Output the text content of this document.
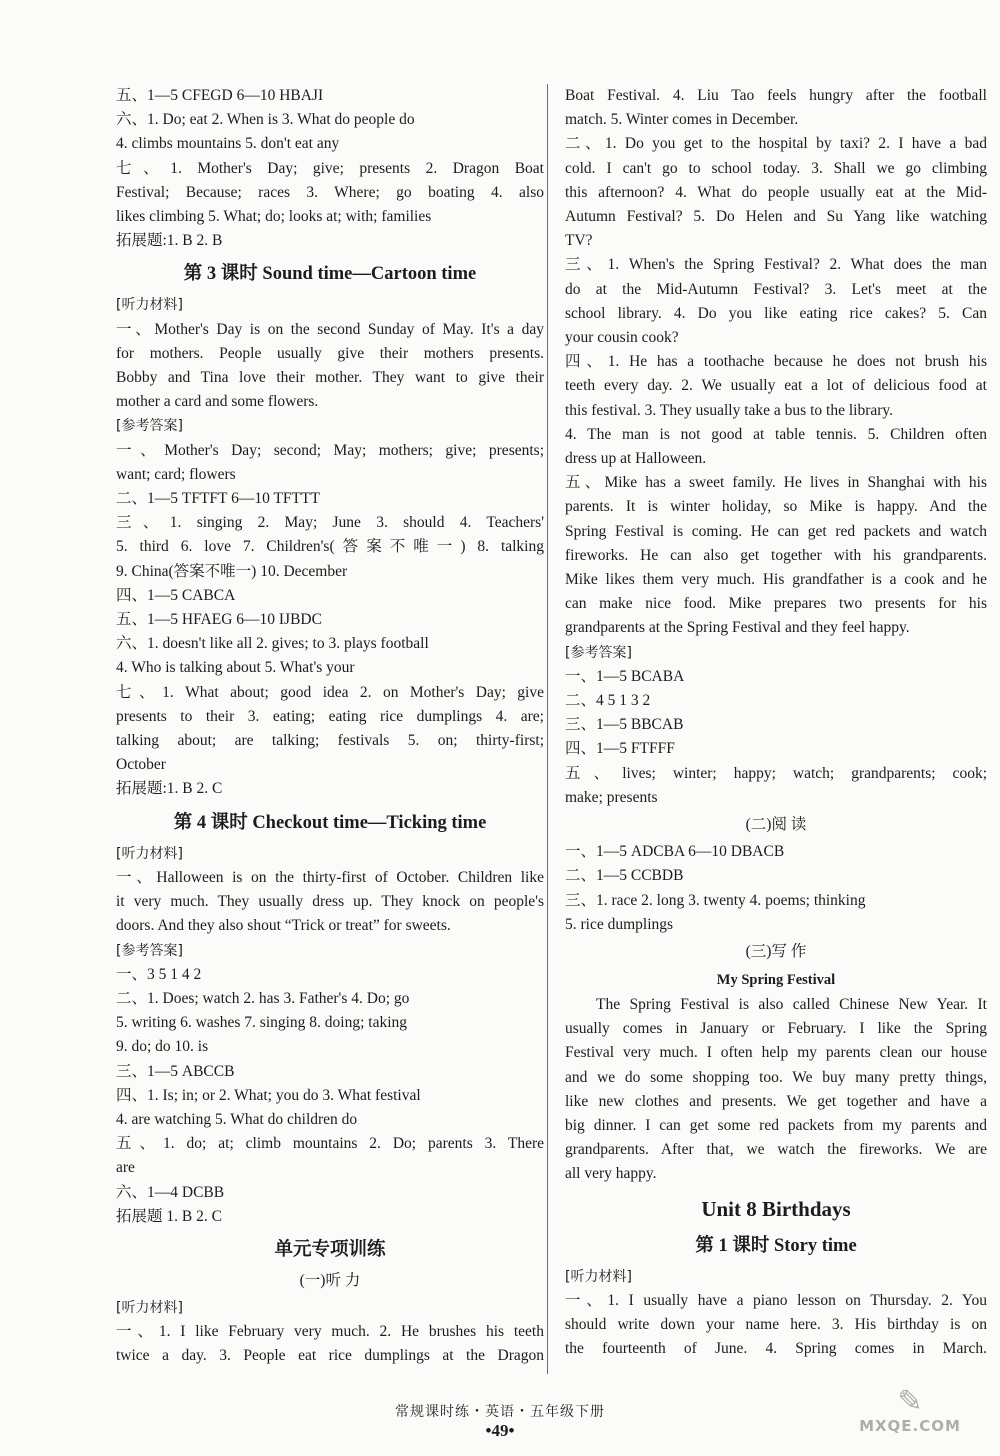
五、1—5 CFEGD 6—10 HBAJI
六、1. Do; eat 2. When is 3. What do people do
4. climbs mountains 5. don't eat any
七、1. Mother's Day; give; presents 2. Dragon Boat
Festival; Because; races 3. Where; go boating 4. also
likes climbing 5. What; do; looks at; with; families
拓展题:1. B 2. B
第 3 课时 Sound time—Cartoon time
[听力材料]
一、Mother's Day is on the second Sunday of May. It's a day
for mothers. People usually give their mothers presents.
Bobby and Tina love their mother. They want to give their
mother a card and some flowers.
[参考答案]
一、Mother's Day; second; May; mothers; give; presents;
want; card; flowers
二、1—5 TFTFT 6—10 TFTTT
三、1. singing 2. May; June 3. should 4. Teachers'
5. third 6. love 7. Children's(答案不唯一) 8. talking
9. China(答案不唯一) 10. December
四、1—5 CABCA
五、1—5 HFAEG 6—10 IJBDC
六、1. doesn't like all 2. gives; to 3. plays football
4. Who is talking about 5. What's your
七、1. What about; good idea 2. on Mother's Day; give
presents to their 3. eating; eating rice dumplings 4. are;
talking about; are talking; festivals 5. on; thirty-first;
October
拓展题:1. B 2. C
第 4 课时 Checkout time—Ticking time
[听力材料]
一、Halloween is on the thirty-first of October. Children like
it very much. They usually dress up. They knock on people's
doors. And they also shout “Trick or treat” for sweets.
[参考答案]
一、3 5 1 4 2
二、1. Does; watch 2. has 3. Father's 4. Do; go
5. writing 6. washes 7. singing 8. doing; taking
9. do; do 10. is
三、1—5 ABCCB
四、1. Is; in; or 2. What; you do 3. What festival
4. are watching 5. What do children do
五、1. do; at; climb mountains 2. Do; parents 3. There
are
六、1—4 DCBB
拓展题 1. B 2. C
单元专项训练
(一)听 力
[听力材料]
一、1. I like February very much. 2. He brushes his teeth
twice a day. 3. People eat rice dumplings at the Dragon
Boat Festival. 4. Liu Tao feels hungry after the football
match. 5. Winter comes in December.
二、1. Do you get to the hospital by taxi? 2. I have a bad
cold. I can't go to school today. 3. Shall we go climbing
this afternoon? 4. What do people usually eat at the Mid-
Autumn Festival? 5. Do Helen and Su Yang like watching
TV?
三、1. When's the Spring Festival? 2. What does the man
do at the Mid-Autumn Festival? 3. Let's meet at the
school library. 4. Do you like eating rice cakes? 5. Can
your cousin cook?
四、1. He has a toothache because he does not brush his
teeth every day. 2. We usually eat a lot of delicious food at
this festival. 3. They usually take a bus to the library.
4. The man is not good at table tennis. 5. Children often
dress up at Halloween.
五、Mike has a sweet family. He lives in Shanghai with his
parents. It is winter holiday, so Mike is happy. And the
Spring Festival is coming. He can get red packets and watch
fireworks. He can also get together with his grandparents.
Mike likes them very much. His grandfather is a cook and he
can make nice food. Mike prepares two presents for his
grandparents at the Spring Festival and they feel happy.
[参考答案]
一、1—5 BCABA
二、4 5 1 3 2
三、1—5 BBCAB
四、1—5 FTFFF
五、lives; winter; happy; watch; grandparents; cook;
make; presents
(二)阅 读
一、1—5 ADCBA 6—10 DBACB
二、1—5 CCBDB
三、1. race 2. long 3. twenty 4. poems; thinking
5. rice dumplings
(三)写 作
My Spring Festival
The Spring Festival is also called Chinese New Year. It
usually comes in January or February. I like the Spring
Festival very much. I often help my parents clean our house
and we do some shopping too. We buy many pretty things,
like new clothes and presents. We get together and have a
big dinner. I can get some red packets from my parents and
grandparents. After that, we watch the fireworks. We are
all very happy.
Unit 8 Birthdays
第 1 课时 Story time
[听力材料]
一、1. I usually have a piano lesson on Thursday. 2. You
should write down your name here. 3. His birthday is on
the fourteenth of June. 4. Spring comes in March.
常规课时练・英语・五年级下册
•49•
✎
MXQE.COM
